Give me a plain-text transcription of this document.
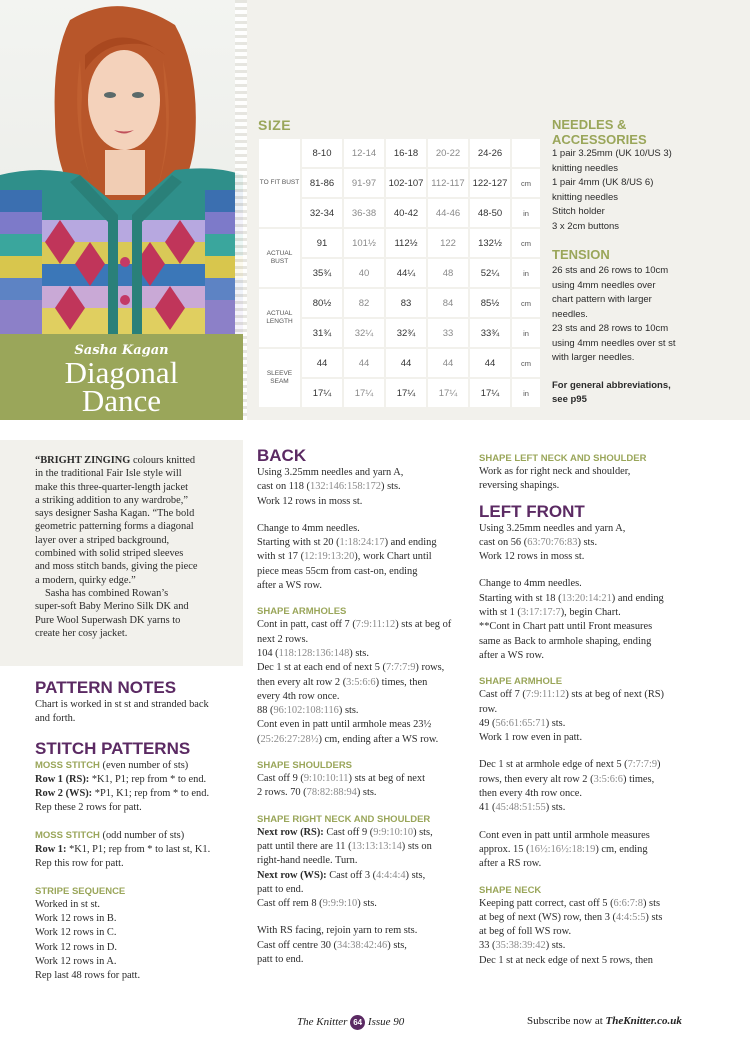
Sasha Kagan
Diagonal
Dance
SIZE
TO FIT BUST	8-10	12-14	16-18	20-22	24-26	
	81-86	91-97	102-107	112-117	122-127	cm
	32-34	36-38	40-42	44-46	48-50	in
ACTUAL BUST	91	101½	112½	122	132½	cm
	35¾	40	44¼	48	52¼	in
ACTUAL LENGTH	80½	82	83	84	85½	cm
	31¾	32¼	32¾	33	33¾	in
SLEEVE SEAM	44	44	44	44	44	cm
	17¼	17¼	17¼	17¼	17¼	in
NEEDLES &
ACCESSORIES

1 pair 3.25mm (UK 10/US 3)

knitting needles

1 pair 4mm (UK 8/US 6)

knitting needles

Stitch holder

3 x 2cm buttons

TENSION

26 sts and 26 rows to 10cm

using 4mm needles over

chart pattern with larger

needles.

23 sts and 28 rows to 10cm

using 4mm needles over st st

with larger needles.

For general abbreviations,
see p95

“BRIGHT ZINGING colours knitted
in the traditional Fair Isle style will
make this three-quarter-length jacket
a striking addition to any wardrobe,”
says designer Sasha Kagan. “The bold
geometric patterning forms a diagonal
layer over a striped background,
combined with solid striped sleeves
and moss stitch bands, giving the piece
a modern, quirky edge.”

Sasha has combined Rowan’s

super-soft Baby Merino Silk DK and

Pure Wool Superwash DK yarns to

create her cosy jacket.

PATTERN NOTES

Chart is worked in st st and stranded back

and forth.

STITCH PATTERNS

MOSS STITCH (even number of sts)

Row 1 (RS): *K1, P1; rep from * to end.

Row 2 (WS): *P1, K1; rep from * to end.

Rep these 2 rows for patt.

MOSS STITCH (odd number of sts)

Row 1: *K1, P1; rep from * to last st, K1.

Rep this row for patt.

STRIPE SEQUENCE

Worked in st st.

Work 12 rows in B.

Work 12 rows in C.

Work 12 rows in D.

Work 12 rows in A.

Rep last 48 rows for patt.

BACK

Using 3.25mm needles and yarn A,

cast on 118 (132:146:158:172) sts.

Work 12 rows in moss st.

Change to 4mm needles.

Starting with st 20 (1:18:24:17) and ending

with st 17 (12:19:13:20), work Chart until

piece meas 55cm from cast-on, ending

after a WS row.

SHAPE ARMHOLES

Cont in patt, cast off 7 (7:9:11:12) sts at beg of

next 2 rows.

104 (118:128:136:148) sts.

Dec 1 st at each end of next 5 (7:7:7:9) rows,

then every alt row 2 (3:5:6:6) times, then

every 4th row once.

88 (96:102:108:116) sts.

Cont even in patt until armhole meas 23½

(25:26:27:28½) cm, ending after a WS row.

SHAPE SHOULDERS

Cast off 9 (9:10:10:11) sts at beg of next

2 rows. 70 (78:82:88:94) sts.

SHAPE RIGHT NECK AND SHOULDER

Next row (RS): Cast off 9 (9:9:10:10) sts,

patt until there are 11 (13:13:13:14) sts on

right-hand needle. Turn.

Next row (WS): Cast off 3 (4:4:4:4) sts,

patt to end.

Cast off rem 8 (9:9:9:10) sts.

With RS facing, rejoin yarn to rem sts.

Cast off centre 30 (34:38:42:46) sts,

patt to end.

SHAPE LEFT NECK AND SHOULDER

Work as for right neck and shoulder,

reversing shapings.

LEFT FRONT

Using 3.25mm needles and yarn A,

cast on 56 (63:70:76:83) sts.

Work 12 rows in moss st.

Change to 4mm needles.

Starting with st 18 (13:20:14:21) and ending

with st 1 (3:17:17:7), begin Chart.

**Cont in Chart patt until Front measures

same as Back to armhole shaping, ending

after a WS row.

SHAPE ARMHOLE

Cast off 7 (7:9:11:12) sts at beg of next (RS)

row.

49 (56:61:65:71) sts.

Work 1 row even in patt.

Dec 1 st at armhole edge of next 5 (7:7:7:9)

rows, then every alt row 2 (3:5:6:6) times,

then every 4th row once.

41 (45:48:51:55) sts.

Cont even in patt until armhole measures

approx. 15 (16½:16½:18:19) cm, ending

after a RS row.

SHAPE NECK

Keeping patt correct, cast off 5 (6:6:7:8) sts

at beg of next (WS) row, then 3 (4:4:5:5) sts

at beg of foll WS row.

33 (35:38:39:42) sts.

Dec 1 st at neck edge of next 5 rows, then

The Knitter 64 Issue 90	Subscribe now at TheKnitter.co.uk
